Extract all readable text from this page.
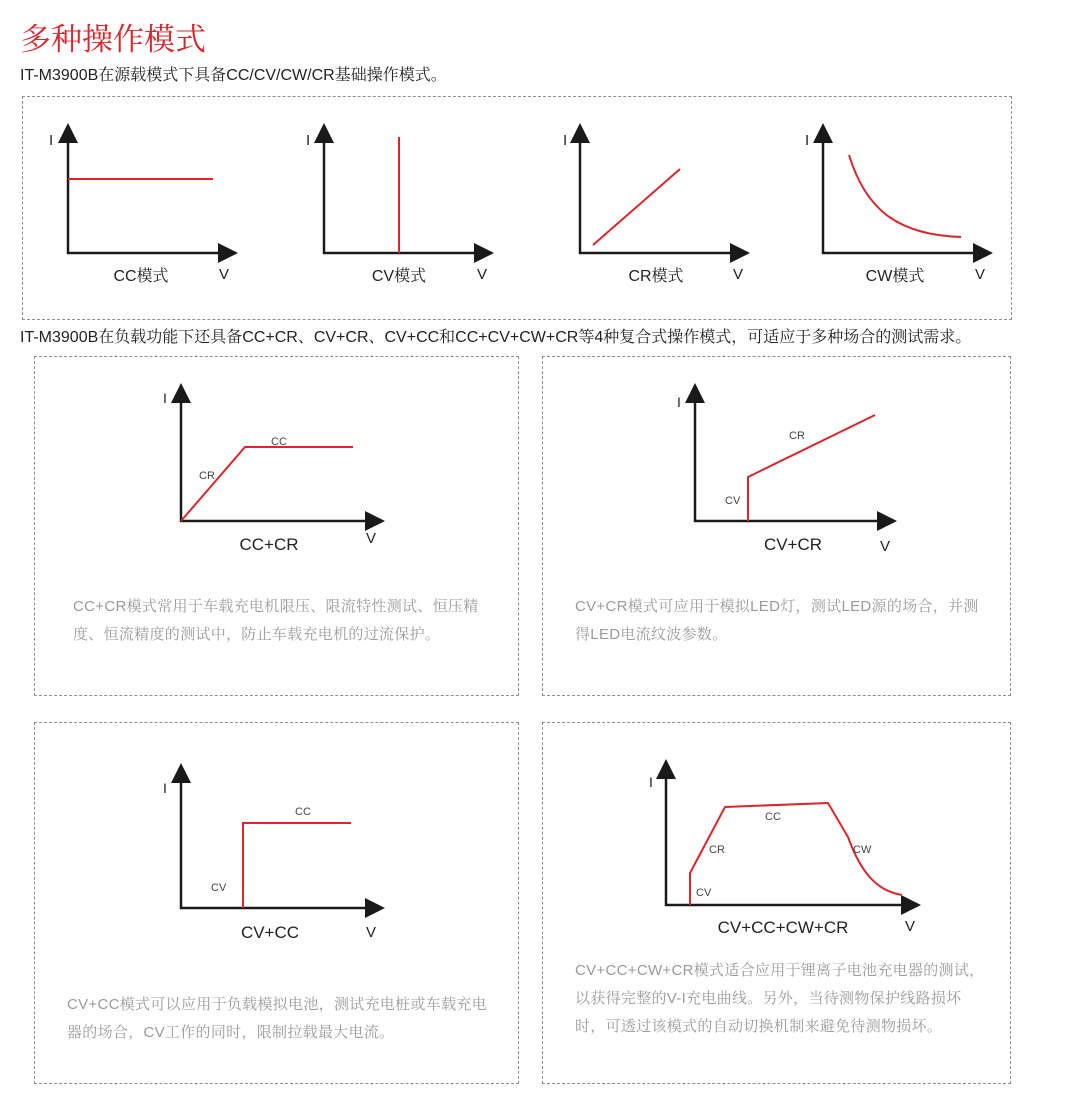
多种操作模式
IT-M3900B在源载模式下具备CC/CV/CW/CR基础操作模式。
I
V
CC模式
I
V
CV模式
I
V
CR模式
I
V
CW模式
IT-M3900B在负载功能下还具备CC+CR、CV+CR、CV+CC和CC+CV+CW+CR等4种复合式操作模式，可适应于多种场合的测试需求。
I
V
CR
CC
CC+CR
CC+CR模式常用于车载充电机限压、限流特性测试、恒压精度、恒流精度的测试中，防止车载充电机的过流保护。
I
V
CV
CR
CV+CR
CV+CR模式可应用于模拟LED灯，测试LED源的场合，并测得LED电流纹波参数。
I
V
CV
CC
CV+CC
CV+CC模式可以应用于负载模拟电池，测试充电桩或车载充电器的场合，CV工作的同时，限制拉载最大电流。
I
V
CV
CR
CC
CW
CV+CC+CW+CR
CV+CC+CW+CR模式适合应用于锂离子电池充电器的测试，以获得完整的V-I充电曲线。另外，当待测物保护线路损坏时，可透过该模式的自动切换机制来避免待测物损坏。
